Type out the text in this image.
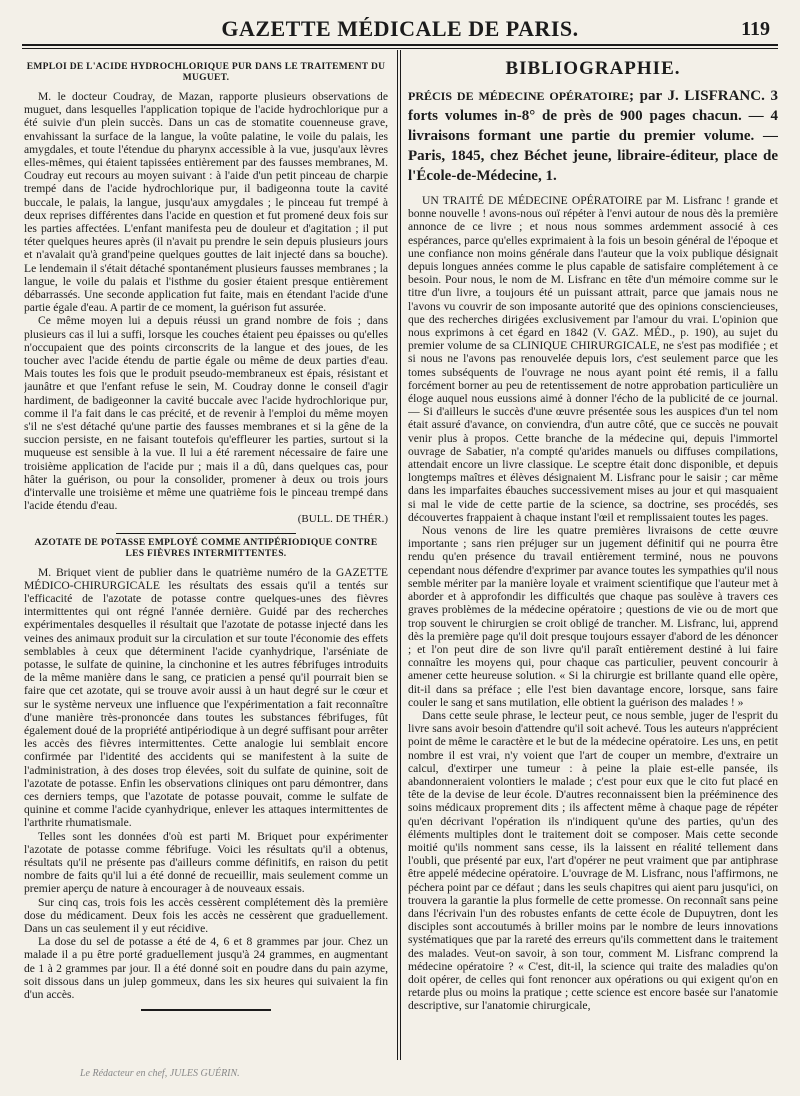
GAZETTE MÉDICALE DE PARIS.	119
EMPLOI DE L'ACIDE HYDROCHLORIQUE PUR DANS LE TRAITEMENT DU MUGUET.

M. le docteur Coudray, de Mazan, rapporte plusieurs observations de muguet, dans lesquelles l'application topique de l'acide hydrochlorique pur a été suivie d'un plein succès. Dans un cas de stomatite couenneuse grave, envahissant la surface de la langue, la voûte palatine, le voile du palais, les amygdales, et toute l'étendue du pharynx accessible à la vue, jusqu'aux lèvres elles-mêmes, qui étaient tapissées entièrement par des fausses membranes, M. Coudray eut recours au moyen suivant : à l'aide d'un petit pinceau de charpie trempé dans de l'acide hydrochlorique pur, il badigeonna toute la cavité buccale, le palais, la langue, jusqu'aux amygdales ; le pinceau fut trempé à deux reprises différentes dans l'acide en question et fut promené deux fois sur les parties affectées. L'enfant manifesta peu de douleur et d'agitation ; il put téter quelques heures après (il n'avait pu prendre le sein depuis plusieurs jours et n'avalait qu'à grand'peine quelques gouttes de lait injecté dans sa bouche). Le lendemain il s'était détaché spontanément plusieurs fausses membranes ; la langue, le voile du palais et l'isthme du gosier étaient presque entièrement débarrassés. Une seconde application fut faite, mais en étendant l'acide d'une partie égale d'eau. A partir de ce moment, la guérison fut assurée.

Ce même moyen lui a depuis réussi un grand nombre de fois ; dans plusieurs cas il lui a suffi, lorsque les couches étaient peu épaisses ou qu'elles n'occupaient que des points circonscrits de la langue et des joues, de les toucher avec l'acide étendu de partie égale ou même de deux parties d'eau. Mais toutes les fois que le produit pseudo-membraneux est épais, résistant et jaunâtre et que l'enfant refuse le sein, M. Coudray donne le conseil d'agir hardiment, de badigeonner la cavité buccale avec l'acide hydrochlorique pur, comme il l'a fait dans le cas précité, et de revenir à l'emploi du même moyen s'il ne s'est détaché qu'une partie des fausses membranes et si la gêne de la succion persiste, en ne faisant toutefois qu'effleurer les parties, surtout si la muqueuse est sensible à la vue. Il lui a été rarement nécessaire de faire une troisième application de l'acide pur ; mais il a dû, dans quelques cas, pour hâter la guérison, ou pour la consolider, promener à deux ou trois jours d'intervalle une troisième et même une quatrième fois le pinceau trempé dans l'acide étendu d'eau.

(BULL. DE THÉR.)
AZOTATE DE POTASSE EMPLOYÉ COMME ANTIPÉRIODIQUE CONTRE LES FIÈVRES INTERMITTENTES.

M. Briquet vient de publier dans le quatrième numéro de la GAZETTE MÉDICO-CHIRURGICALE les résultats des essais qu'il a tentés sur l'efficacité de l'azotate de potasse contre quelques-unes des fièvres intermittentes qui ont régné l'année dernière. Guidé par des recherches expérimentales desquelles il résultait que l'azotate de potasse injecté dans les veines des animaux produit sur la circulation et sur toute l'économie des effets semblables à ceux que déterminent l'acide cyanhydrique, l'arséniate de potasse, le sulfate de quinine, la cinchonine et les autres fébrifuges introduits de la même manière dans le sang, ce praticien a pensé qu'il pourrait bien se faire que cet azotate, qui se trouve avoir aussi à un haut degré sur le cœur et sur le système nerveux une influence que l'expérimentation a fait reconnaître d'une manière très-prononcée dans toutes les substances fébrifuges, fût également doué de la propriété antipériodique à un degré suffisant pour arrêter les accès des fièvres intermittentes. Cette analogie lui semblait encore confirmée par l'identité des accidents qui se manifestent à la suite de l'administration, à des doses trop élevées, soit du sulfate de quinine, soit de l'azotate de potasse. Enfin les observations cliniques ont paru démontrer, dans ces derniers temps, que l'azotate de potasse pouvait, comme le sulfate de quinine et comme l'acide cyanhydrique, enlever les attaques intermittentes de l'arthrite rhumatismale.

Telles sont les données d'où est parti M. Briquet pour expérimenter l'azotate de potasse comme fébrifuge. Voici les résultats qu'il a obtenus, résultats qu'il ne présente pas d'ailleurs comme définitifs, en raison du petit nombre de faits qu'il lui a été donné de recueillir, mais seulement comme un premier aperçu de nature à encourager à de nouveaux essais.

Sur cinq cas, trois fois les accès cessèrent complétement dès la première dose du médicament. Deux fois les accès ne cessèrent que graduellement. Dans un cas seulement il y eut récidive.

La dose du sel de potasse a été de 4, 6 et 8 grammes par jour. Chez un malade il a pu être porté graduellement jusqu'à 24 grammes, en augmentant de 1 à 2 grammes par jour. Il a été donné soit en poudre dans du pain azyme, soit dissous dans un julep gommeux, dans les six heures qui suivaient la fin d'un accès.

BIBLIOGRAPHIE.
PRÉCIS DE MÉDECINE OPÉRATOIRE; par J. LISFRANC. 3 forts volumes in-8° de près de 900 pages chacun. — 4 livraisons formant une partie du premier volume. — Paris, 1845, chez Béchet jeune, libraire-éditeur, place de l'École-de-Médecine, 1.

UN TRAITÉ DE MÉDECINE OPÉRATOIRE par M. Lisfranc ! grande et bonne nouvelle ! avons-nous ouï répéter à l'envi autour de nous dès la première annonce de ce livre ; et nous nous sommes ardemment associé à ces espérances, parce qu'elles exprimaient à la fois un besoin général de l'époque et une confiance non moins générale dans l'auteur que la voix publique désignait depuis longues années comme le plus capable de satisfaire complétement à ce besoin. Pour nous, le nom de M. Lisfranc en tête d'un mémoire comme sur le titre d'un livre, a toujours été un puissant attrait, parce que jamais nous ne l'avons vu couvrir de son imposante autorité que des opinions consciencieuses, que des recherches dirigées exclusivement par l'amour du vrai. L'opinion que nous exprimons à cet égard en 1842 (V. GAZ. MÉD., p. 190), au sujet du premier volume de sa CLINIQUE CHIRURGICALE, ne s'est pas modifiée ; et si nous ne l'avons pas renouvelée depuis lors, c'est seulement parce que les tomes subséquents de l'ouvrage ne nous ayant point été remis, il a fallu forcément borner au peu de retentissement de notre approbation particulière un éloge auquel nous eussions aimé à donner l'écho de la publicité de ce journal. — Si d'ailleurs le succès d'une œuvre présentée sous les auspices d'un tel nom était assuré d'avance, on conviendra, d'un autre côté, que ce succès ne pouvait venir plus à propos. Cette branche de la médecine qui, depuis l'immortel ouvrage de Sabatier, n'a compté qu'arides manuels ou diffuses compilations, attendait encore un livre classique. Le sceptre était donc disponible, et depuis longtemps maîtres et élèves désignaient M. Lisfranc pour le saisir ; car même dans les imparfaites ébauches successivement mises au jour et qui masquaient si mal le vide de cette partie de la science, sa doctrine, ses procédés, ses découvertes frappaient à chaque instant l'œil et remplissaient toutes les pages.

Nous venons de lire les quatre premières livraisons de cette œuvre importante ; sans rien préjuger sur un jugement définitif qui ne pourra être rendu qu'en présence du travail entièrement terminé, nous ne pouvons cependant nous défendre d'exprimer par avance toutes les sympathies qu'il nous semble mériter par la manière loyale et vraiment scientifique que l'auteur met à aborder et à approfondir les difficultés que chaque pas soulève à travers ces graves problèmes de la médecine opératoire ; questions de vie ou de mort que trop souvent le chirurgien se croit obligé de trancher. M. Lisfranc, lui, apprend dès la première page qu'il doit presque toujours essayer d'abord de les dénoncer ; et l'on peut dire de son livre qu'il paraît entièrement destiné à lui faire connaître les moyens qui, pour chaque cas particulier, peuvent concourir à amener cette heureuse solution. « Si la chirurgie est brillante quand elle opère, dit-il dans sa préface ; elle l'est bien davantage encore, lorsque, sans faire couler le sang et sans mutilation, elle obtient la guérison des malades ! »

Dans cette seule phrase, le lecteur peut, ce nous semble, juger de l'esprit du livre sans avoir besoin d'attendre qu'il soit achevé. Tous les auteurs n'apprécient point de même le caractère et le but de la médecine opératoire. Les uns, en petit nombre il est vrai, n'y voient que l'art de couper un membre, d'extraire un calcul, d'extirper une tumeur : à peine la plaie est-elle pansée, ils abandonneraient volontiers le malade ; c'est pour eux que le cito fut placé en tête de la devise de leur école. D'autres reconnaissent bien la prééminence des soins médicaux proprement dits ; ils affectent même à chaque page de répéter qu'en décrivant l'opération ils n'indiquent qu'une des parties, qu'un des éléments multiples dont le traitement doit se composer. Mais cette seconde moitié qu'ils nomment sans cesse, ils la laissent en réalité tellement dans l'oubli, que présenté par eux, l'art d'opérer ne peut vraiment que par antiphrase être appelé médecine opératoire. L'ouvrage de M. Lisfranc, nous l'affirmons, ne péchera point par ce défaut ; dans les seuls chapitres qui aient paru jusqu'ici, on trouvera la garantie la plus formelle de cette promesse. On reconnaît sans peine dans l'écrivain l'un des robustes enfants de cette école de Dupuytren, dont les disciples sont accoutumés à briller moins par le nombre de leurs innovations systématiques que par la rareté des erreurs qu'ils commettent dans le traitement des malades. Veut-on savoir, à son tour, comment M. Lisfranc comprend la médecine opératoire ? « C'est, dit-il, la science qui traite des maladies qu'on doit opérer, de celles qui font renoncer aux opérations ou qui exigent qu'on en retarde plus ou moins la pratique ; cette science est encore basée sur l'anatomie descriptive, sur l'anatomie chirurgicale,

Le Rédacteur en chef, JULES GUÉRIN.
